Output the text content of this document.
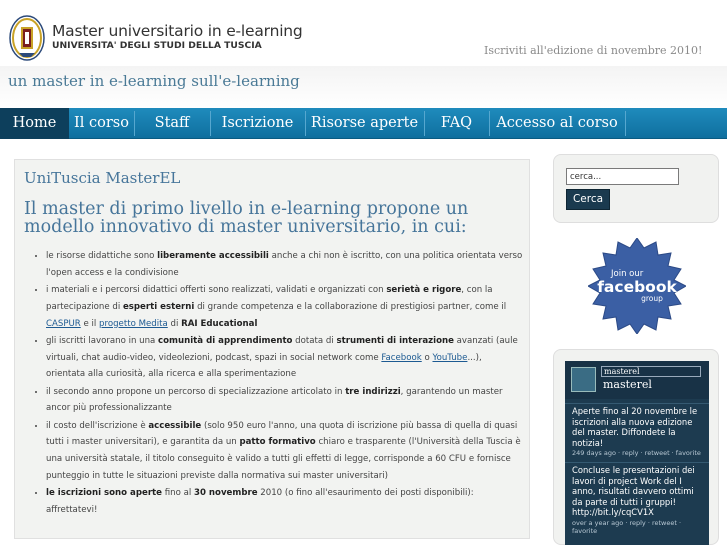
Master universitario in e-learning
UNIVERSITA' DEGLI STUDI DELLA TUSCIA	Iscriviti all'edizione di novembre 2010!
un master in e-learning sull'e-learning
Home	Il corso	Staff	Iscrizione	Risorse aperte	FAQ	Accesso al corso
UniTuscia MasterEL
Il master di primo livello in e-learning propone un modello innovativo di master universitario, in cui:
• le risorse didattiche sono liberamente accessibili anche a chi non è iscritto, con una politica orientata verso l'open access e la condivisione
• i materiali e i percorsi didattici offerti sono realizzati, validati e organizzati con serietà e rigore, con la partecipazione di esperti esterni di grande competenza e la collaborazione di prestigiosi partner, come il CASPUR e il progetto Medita di RAI Educational
• gli iscritti lavorano in una comunità di apprendimento dotata di strumenti di interazione avanzati (aule virtuali, chat audio-video, videolezioni, podcast, spazi in social network come Facebook o YouTube...), orientata alla curiosità, alla ricerca e alla sperimentazione
• il secondo anno propone un percorso di specializzazione articolato in tre indirizzi, garantendo un master ancor più professionalizzante
• il costo dell'iscrizione è accessibile (solo 950 euro l'anno, una quota di iscrizione più bassa di quella di quasi tutti i master universitari), e garantita da un patto formativo chiaro e trasparente (l'Università della Tuscia è una università statale, il titolo conseguito è valido a tutti gli effetti di legge, corrisponde a 60 CFU e fornisce punteggio in tutte le situazioni previste dalla normativa sui master universitari)
• le iscrizioni sono aperte fino al 30 novembre 2010 (o fino all'esaurimento dei posti disponibili): affrettatevi!
cerca...
Cerca
Join our
facebook
group
masterel
masterel
Aperte fino al 20 novembre le iscrizioni alla nuova edizione del master. Diffondete la notizia!
249 days ago · reply · retweet · favorite
Concluse le presentazioni dei lavori di project Work del I anno, risultati davvero ottimi da parte di tutti i gruppi! http://bit.ly/cqCV1X
over a year ago · reply · retweet · favorite
